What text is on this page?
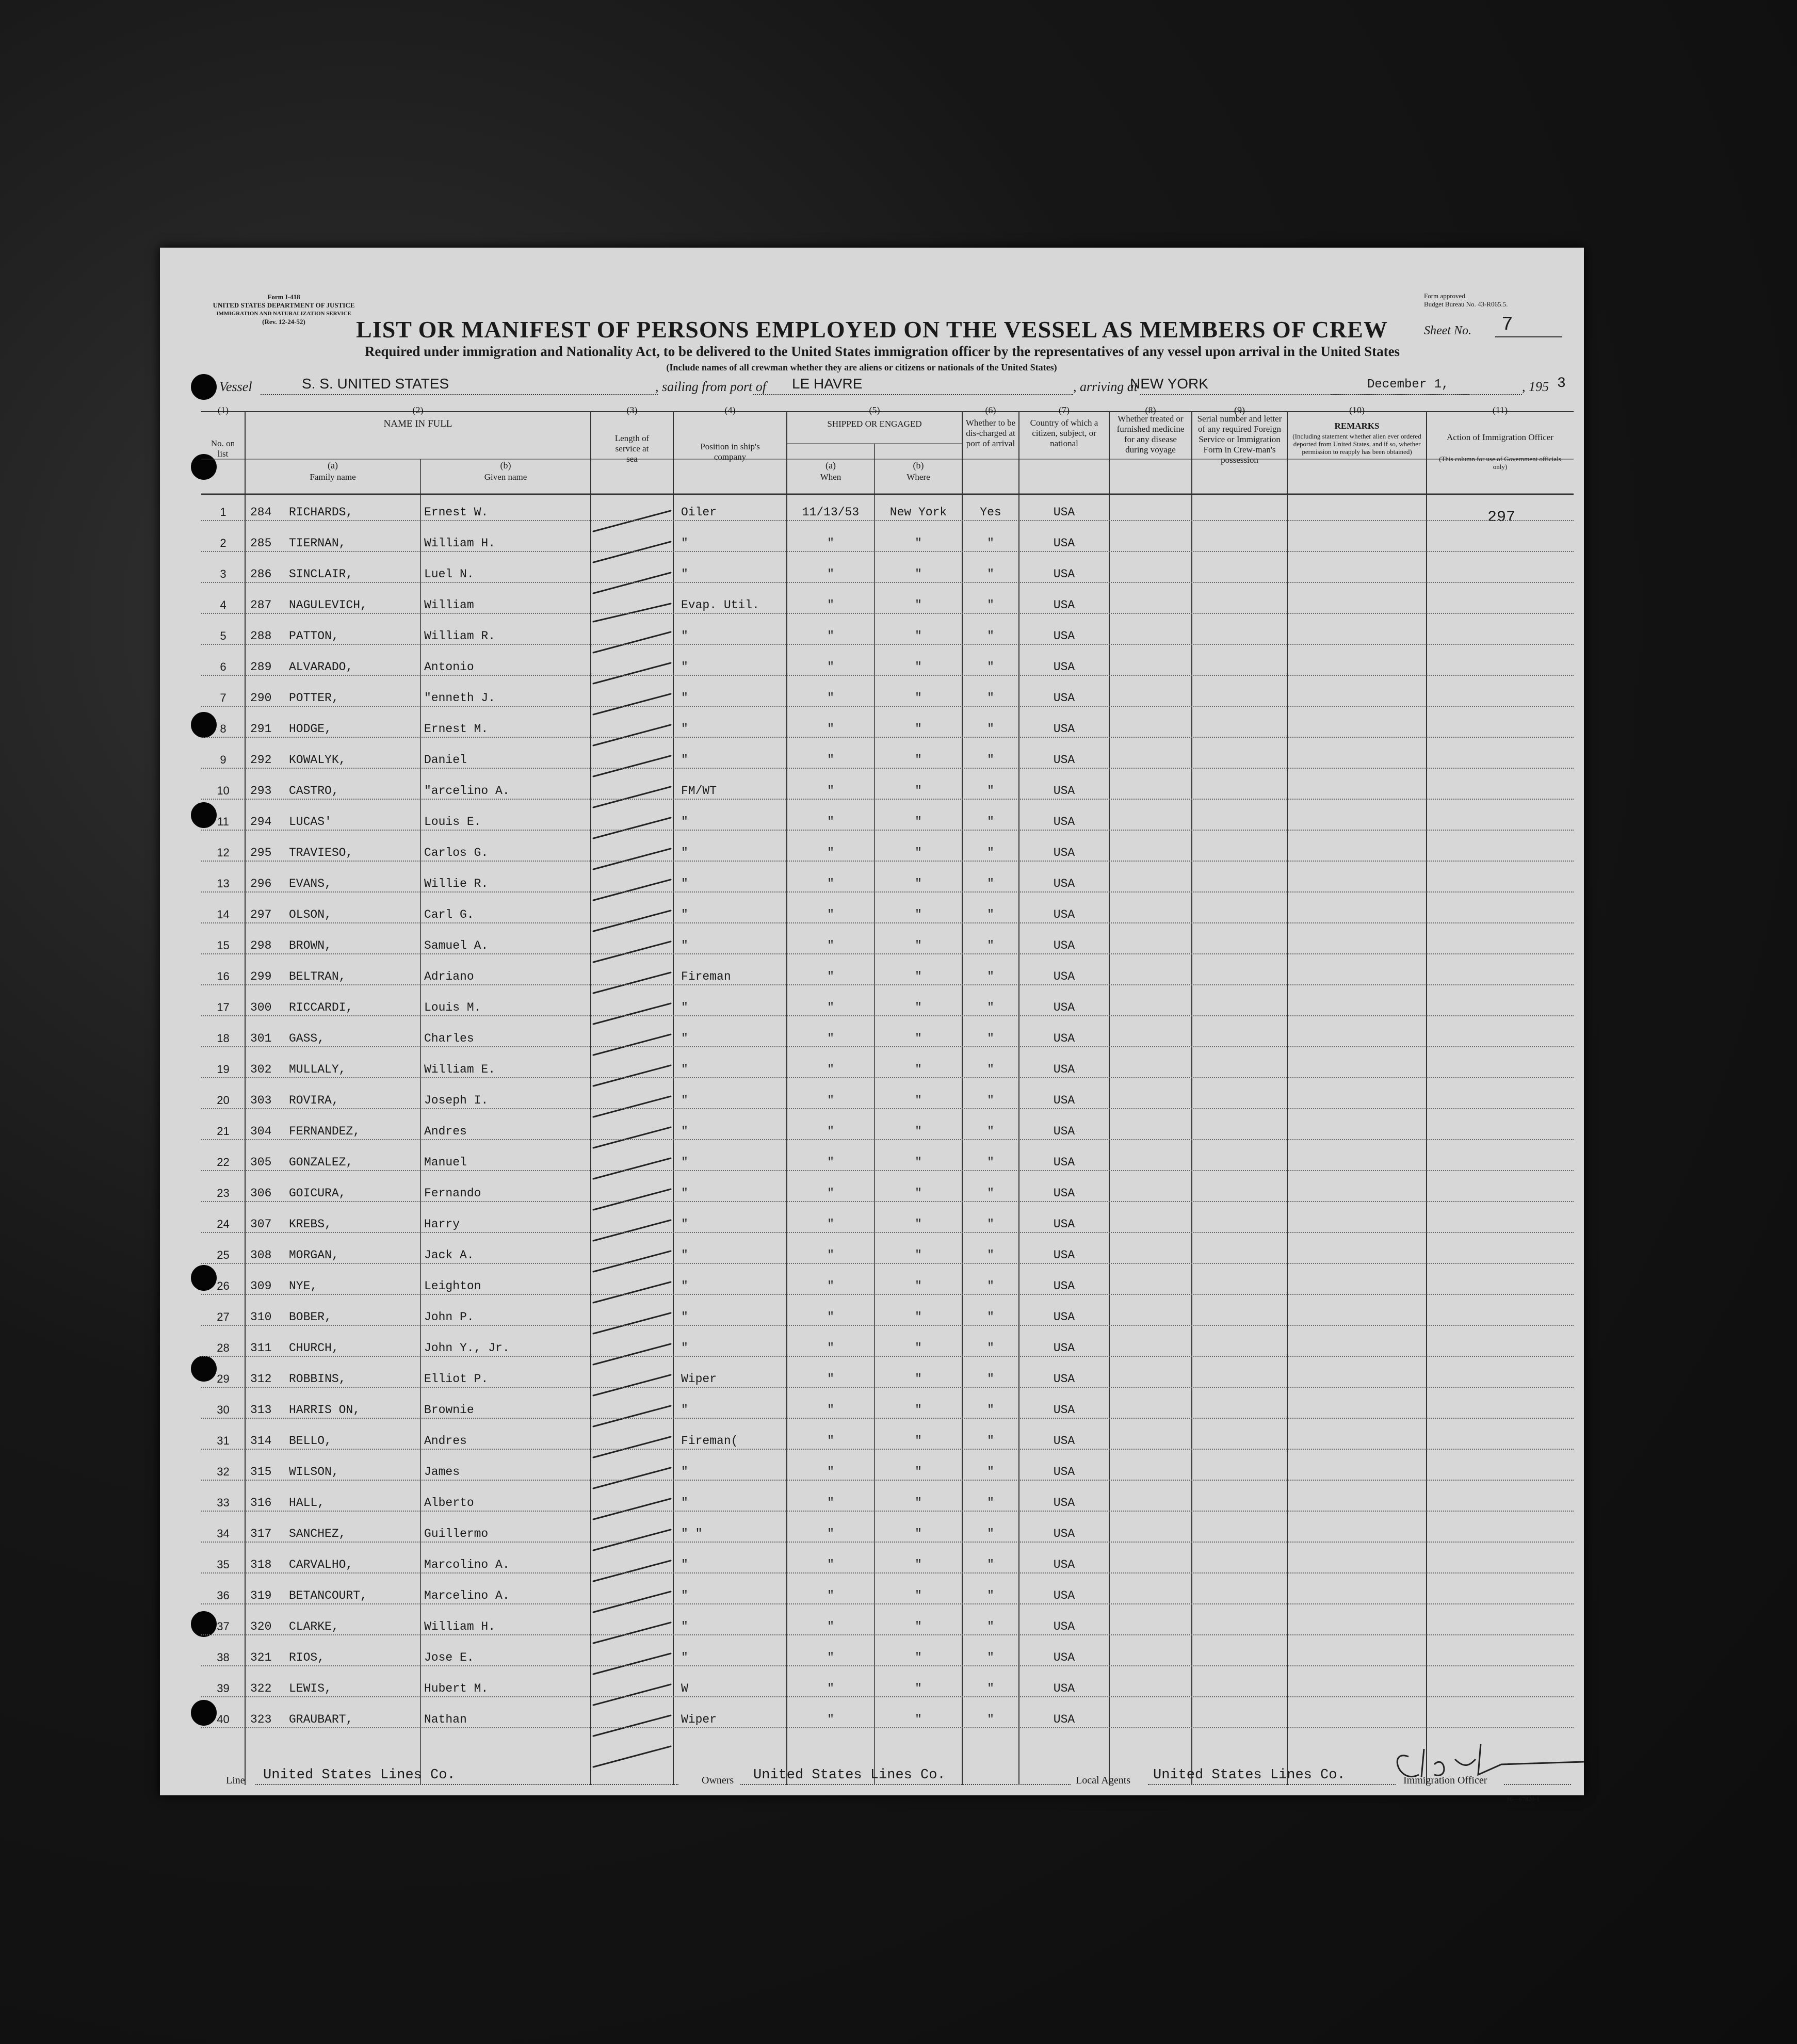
Form I-418
UNITED STATES DEPARTMENT OF JUSTICE
IMMIGRATION AND NATURALIZATION SERVICE
(Rev. 12-24-52)
Form approved.
Budget Bureau No. 43-R065.5.
LIST OR MANIFEST OF PERSONS EMPLOYED ON THE VESSEL AS MEMBERS OF CREW	Sheet No. 7
Required under immigration and Nationality Act, to be delivered to the United States immigration officer by the representatives of any vessel upon arrival in the United States
(Include names of all crewman whether they are aliens or citizens or nationals of the United States)
Vessel	S. S. UNITED STATES	, sailing from port of LE HAVRE	, arriving at
NEW YORK	December 1,	, 195 3
(1)
No. on list
(2)
NAME IN FULL
(a)
Family name
(b)
Given name
(3)
Length of service at sea
(4)
Position in ship's company
(5)
SHIPPED OR ENGAGED
(a)
When
(b)
Where
(6)
Whether to be dis-charged at port of arrival
(7)
Country of which a citizen, subject, or national
(8)
Whether treated or furnished medicine for any disease during voyage
(9)
Serial number and letter of any required Foreign Service or Immigration Form in Crew-man's possession
(10)
REMARKS
(Including statement whether alien ever ordered deported from United States, and if so, whether permission to reapply has been obtained)
(11)
Action of Immigration Officer
(This column for use of Government officials only)
1	284	RICHARDS,	Ernest W.	Oiler	11/13/53	New York	Yes	USA	297
2	285	TIERNAN,	William H.	"	"	"	"	USA
3	286	SINCLAIR,	Luel N.	"	"	"	"	USA
4	287	NAGULEVICH,	William	Evap. Util.	"	"	"	USA
5	288	PATTON,	William R.	"	"	"	"	USA
6	289	ALVARADO,	Antonio	"	"	"	"	USA
7	290	POTTER,	"enneth J.	"	"	"	"	USA
8	291	HODGE,	Ernest M.	"	"	"	"	USA
9	292	KOWALYK,	Daniel	"	"	"	"	USA
10	293	CASTRO,	"arcelino A.	FM/WT	"	"	"	USA
11	294	LUCAS'	Louis E.	"	"	"	"	USA
12	295	TRAVIESO,	Carlos G.	"	"	"	"	USA
13	296	EVANS,	Willie R.	"	"	"	"	USA
14	297	OLSON,	Carl G.	"	"	"	"	USA
15	298	BROWN,	Samuel A.	"	"	"	"	USA
16	299	BELTRAN,	Adriano	Fireman	"	"	"	USA
17	300	RICCARDI,	Louis M.	"	"	"	"	USA
18	301	GASS,	Charles	"	"	"	"	USA
19	302	MULLALY,	William E.	"	"	"	"	USA
20	303	ROVIRA,	Joseph I.	"	"	"	"	USA
21	304	FERNANDEZ,	Andres	"	"	"	"	USA
22	305	GONZALEZ,	Manuel	"	"	"	"	USA
23	306	GOICURA,	Fernando	"	"	"	"	USA
24	307	KREBS,	Harry	"	"	"	"	USA
25	308	MORGAN,	Jack A.	"	"	"	"	USA
26	309	NYE,	Leighton	"	"	"	"	USA
27	310	BOBER,	John P.	"	"	"	"	USA
28	311	CHURCH,	John Y., Jr.	"	"	"	"	USA
29	312	ROBBINS,	Elliot P.	Wiper	"	"	"	USA
30	313	HARRIS ON,	Brownie	"	"	"	"	USA
31	314	BELLO,	Andres	Fireman(	"	"	"	USA
32	315	WILSON,	James	"	"	"	"	USA
33	316	HALL,	Alberto	"	"	"	"	USA
34	317	SANCHEZ,	Guillermo	" "	"	"	"	USA
35	318	CARVALHO,	Marcolino A.	"	"	"	"	USA
36	319	BETANCOURT,	Marcelino A.	"	"	"	"	USA
37	320	CLARKE,	William H.	"	"	"	"	USA
38	321	RIOS,	Jose E.	"	"	"	"	USA
39	322	LEWIS,	Hubert M.	W	"	"	"	USA
40	323	GRAUBART,	Nathan	Wiper	"	"	"	USA
Line United States Lines Co.	Owners United States Lines Co.	Local Agents United States Lines Co.	Immigration Officer
16—67820-1
